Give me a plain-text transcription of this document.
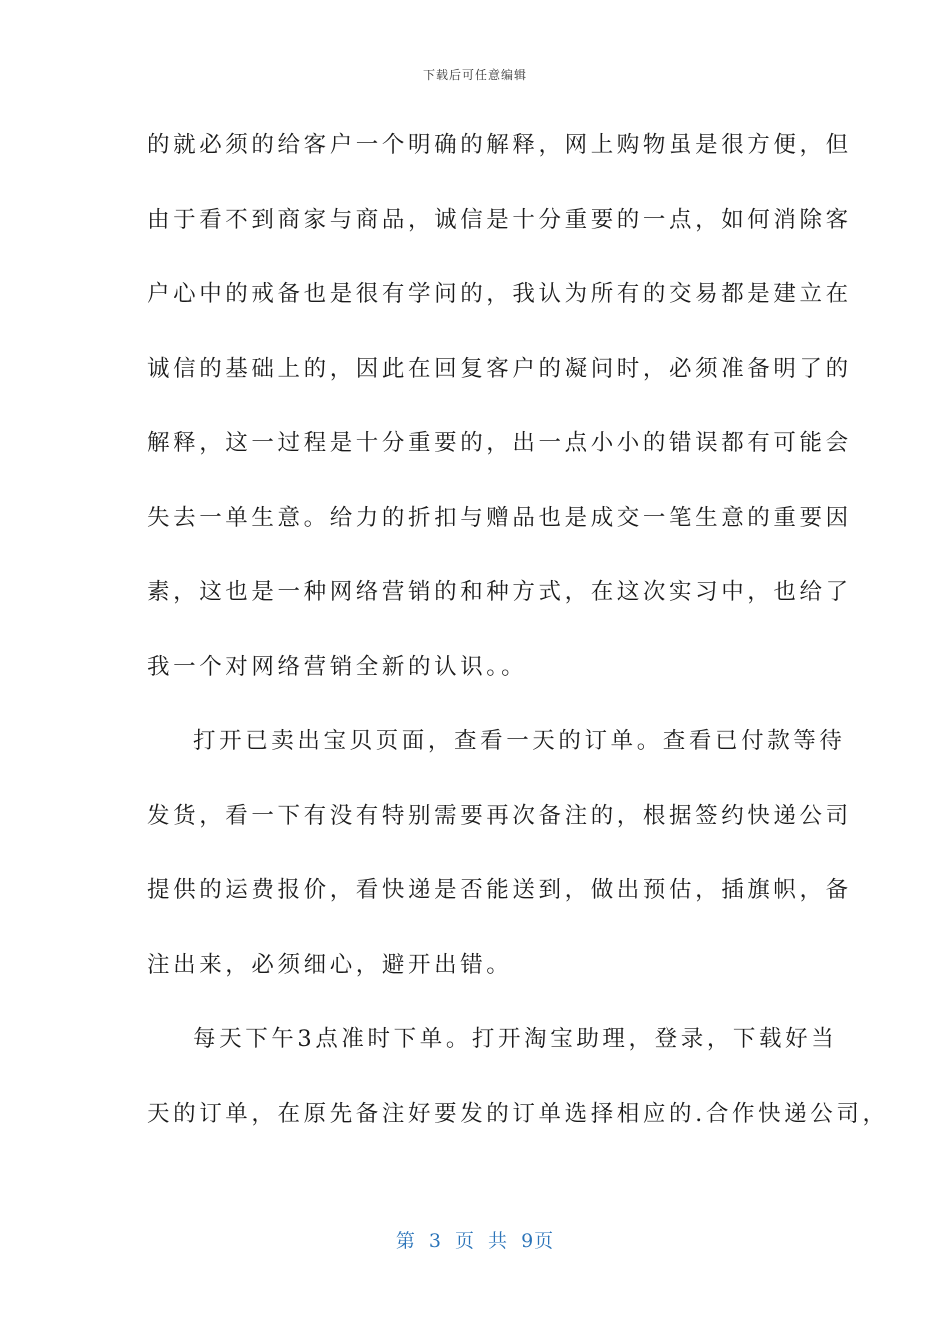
下载后可任意编辑
的就必须的给客户一个明确的解释，网上购物虽是很方便，但
由于看不到商家与商品，诚信是十分重要的一点，如何消除客
户心中的戒备也是很有学问的，我认为所有的交易都是建立在
诚信的基础上的，因此在回复客户的凝问时，必须准备明了的
解释，这一过程是十分重要的，出一点小小的错误都有可能会
失去一单生意。给力的折扣与赠品也是成交一笔生意的重要因
素，这也是一种网络营销的和种方式，在这次实习中，也给了
我一个对网络营销全新的认识。。
打开已卖出宝贝页面，查看一天的订单。查看已付款等待
发货，看一下有没有特别需要再次备注的，根据签约快递公司
提供的运费报价，看快递是否能送到，做出预估，插旗帜，备
注出来，必须细心，避开出错。
每天下午3点准时下单。打开淘宝助理，登录，下载好当
天的订单，在原先备注好要发的订单选择相应的.合作快递公司，
第 3 页 共 9页
